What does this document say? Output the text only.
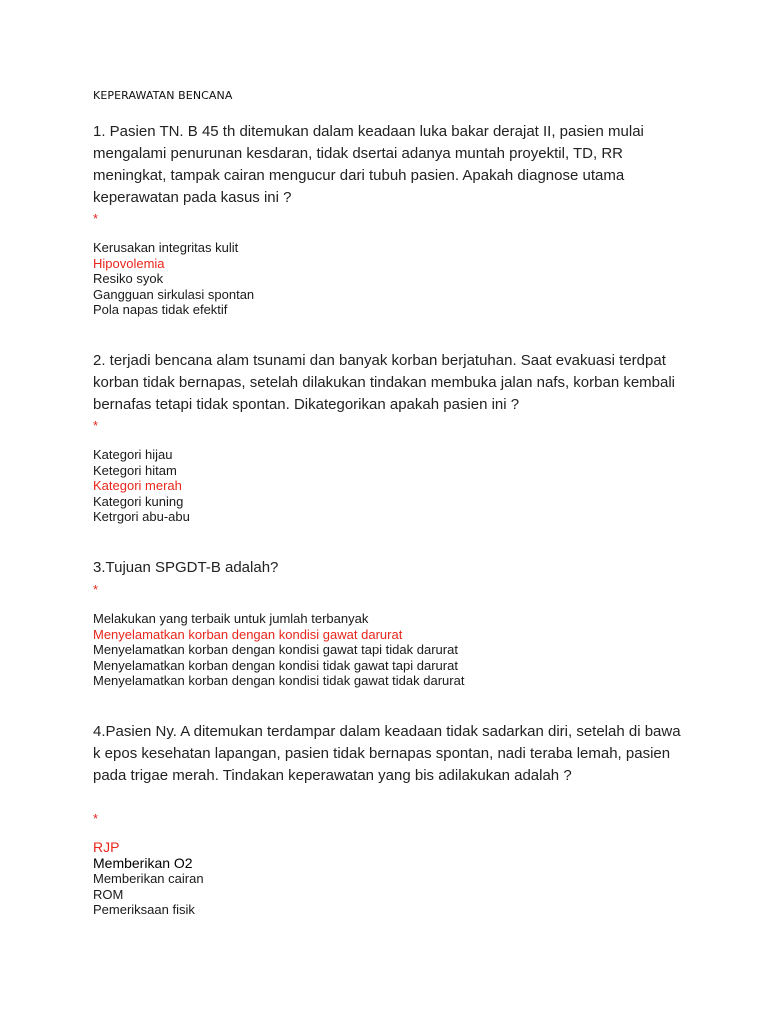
KEPERAWATAN BENCANA
1. Pasien TN. B 45 th ditemukan dalam keadaan luka bakar derajat II, pasien mulai mengalami penurunan kesdaran, tidak dsertai adanya muntah proyektil, TD, RR meningkat, tampak cairan mengucur dari tubuh pasien. Apakah diagnose utama keperawatan pada kasus ini ?
*
Kerusakan integritas kulit
Hipovolemia
Resiko syok
Gangguan sirkulasi spontan
Pola napas tidak efektif
2. terjadi bencana alam tsunami dan banyak korban berjatuhan. Saat evakuasi terdpat korban tidak bernapas, setelah dilakukan tindakan membuka jalan nafs, korban kembali bernafas tetapi tidak spontan. Dikategorikan apakah pasien ini ?
*
Kategori hijau
Ketegori hitam
Kategori merah
Kategori kuning
Ketrgori abu-abu
3.Tujuan SPGDT-B adalah?
*
Melakukan yang terbaik untuk jumlah terbanyak
Menyelamatkan korban dengan kondisi gawat darurat
Menyelamatkan korban dengan kondisi gawat tapi tidak darurat
Menyelamatkan korban dengan kondisi tidak gawat tapi darurat
Menyelamatkan korban dengan kondisi tidak gawat tidak darurat
4.Pasien Ny. A ditemukan terdampar dalam keadaan tidak sadarkan diri, setelah di bawa k epos kesehatan lapangan, pasien tidak bernapas spontan, nadi teraba lemah, pasien pada trigae merah. Tindakan keperawatan yang bis adilakukan adalah ?
*
RJP
Memberikan O2
Memberikan cairan
ROM
Pemeriksaan fisik
